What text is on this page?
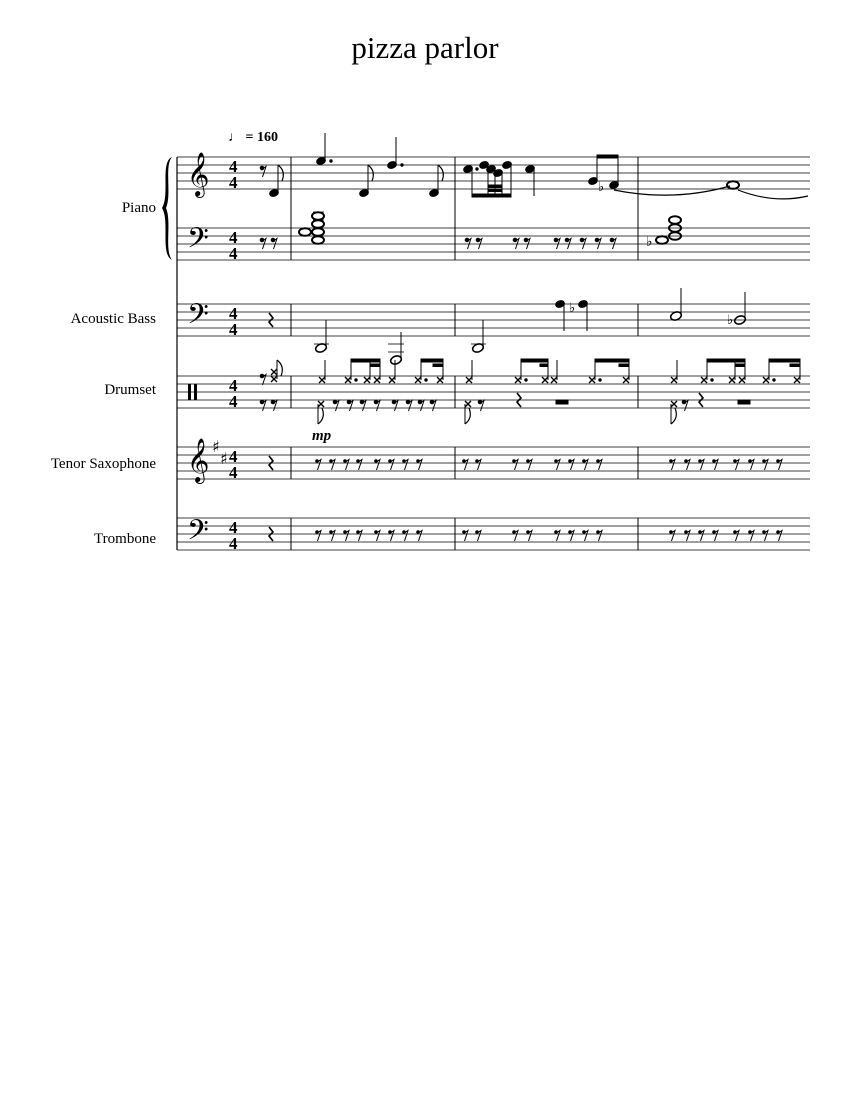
pizza parlor
♩ = 160
Piano
Acoustic Bass
Drumset
Tenor Saxophone
Trombone
mp
𝄞
𝄢
𝄢
𝄞
𝄢
♯
♯
4
4
4
4
4
4
4
4
4
4
4
4
♭
♭
♭
♭
